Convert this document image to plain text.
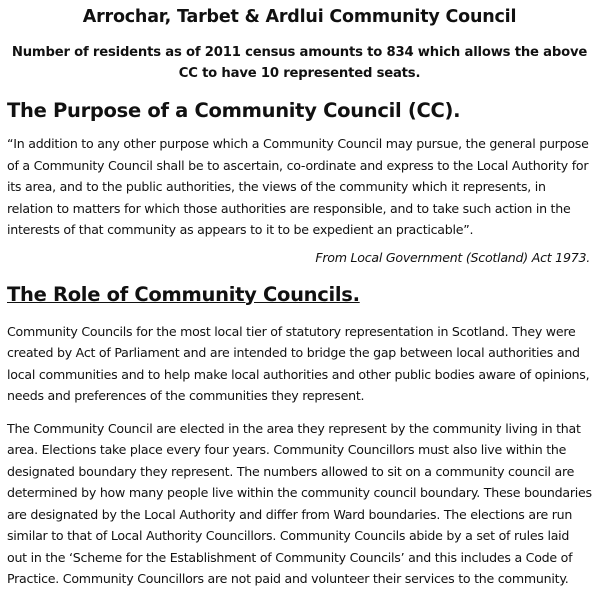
Arrochar, Tarbet & Ardlui Community Council

Number of residents as of 2011 census amounts to 834 which allows the above CC to have 10 represented seats.

The Purpose of a Community Council (CC).

“In addition to any other purpose which a Community Council may pursue, the general purpose of a Community Council shall be to ascertain, co-ordinate and express to the Local Authority for its area, and to the public authorities, the views of the community which it represents, in relation to matters for which those authorities are responsible, and to take such action in the interests of that community as appears to it to be expedient an practicable”.

From Local Government (Scotland) Act 1973.

The Role of Community Councils.

Community Councils for the most local tier of statutory representation in Scotland. They were created by Act of Parliament and are intended to bridge the gap between local authorities and local communities and to help make local authorities and other public bodies aware of opinions, needs and preferences of the communities they represent.

The Community Council are elected in the area they represent by the community living in that area. Elections take place every four years. Community Councillors must also live within the designated boundary they represent. The numbers allowed to sit on a community council are determined by how many people live within the community council boundary. These boundaries are designated by the Local Authority and differ from Ward boundaries. The elections are run similar to that of Local Authority Councillors. Community Councils abide by a set of rules laid out in the ‘Scheme for the Establishment of Community Councils’ and this includes a Code of Practice. Community Councillors are not paid and volunteer their services to the community.
